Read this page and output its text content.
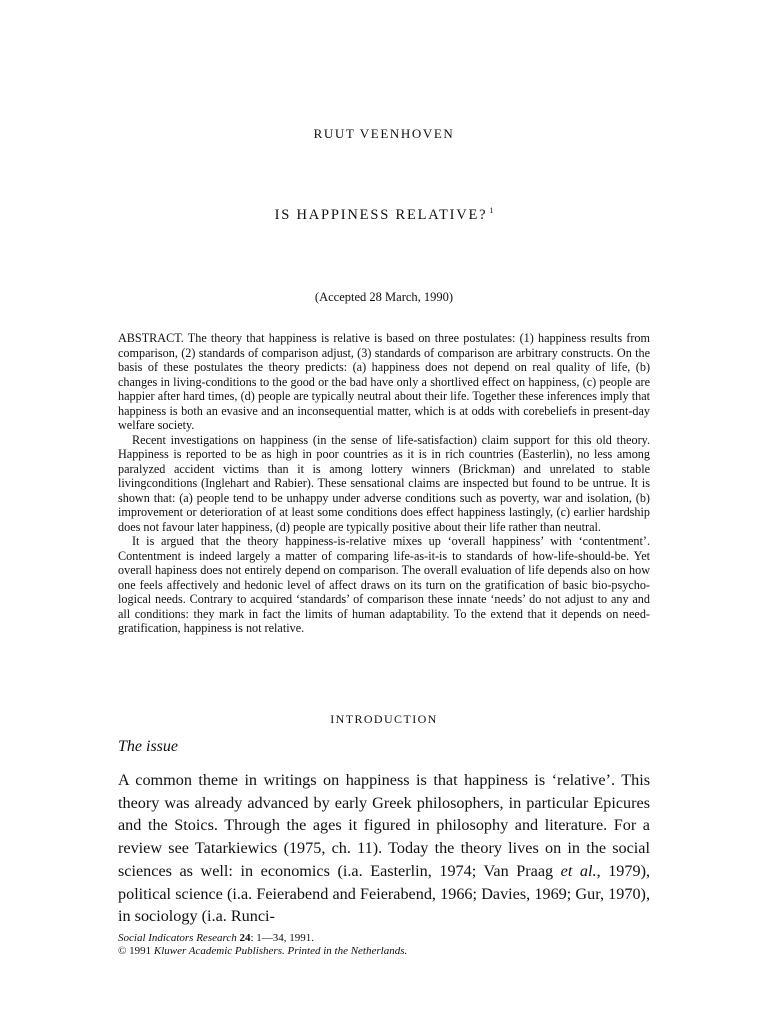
RUUT VEENHOVEN
IS HAPPINESS RELATIVE? $^1$
(Accepted 28 March, 1990)

ABSTRACT. The theory that happiness is relative is based on three postulates: (1) happiness results from comparison, (2) standards of comparison adjust, (3) standards of comparison are arbitrary constructs. On the basis of these postulates the theory predicts: (a) happiness does not depend on real quality of life, (b) changes in living-conditions to the good or the bad have only a shortlived effect on happiness, (c) people are happier after hard times, (d) people are typically neutral about their life. Together these inferences imply that happiness is both an evasive and an inconsequential matter, which is at odds with corebeliefs in present-day welfare society.

Recent investigations on happiness (in the sense of life-satisfaction) claim support for this old theory. Happiness is reported to be as high in poor countries as it is in rich countries (Easterlin), no less among paralyzed accident victims than it is among lottery winners (Brickman) and unrelated to stable livingconditions (Inglehart and Rabier). These sensational claims are inspected but found to be untrue. It is shown that: (a) people tend to be unhappy under adverse conditions such as poverty, war and isolation, (b) improvement or deterioration of at least some conditions does effect happiness lastingly, (c) earlier hardship does not favour later happiness, (d) people are typically positive about their life rather than neutral.

It is argued that the theory happiness-is-relative mixes up ‘overall happiness’ with ‘contentment’. Contentment is indeed largely a matter of comparing life-as-it-is to standards of how-life-should-be. Yet overall hapiness does not entirely depend on comparison. The overall evaluation of life depends also on how one feels affectively and hedonic level of affect draws on its turn on the gratification of basic bio-psycho-logical needs. Contrary to acquired ‘standards’ of comparison these innate ‘needs’ do not adjust to any and all conditions: they mark in fact the limits of human adaptability. To the extend that it depends on need-gratification, happiness is not relative.

INTRODUCTION
The issue

A common theme in writings on happiness is that happiness is ‘relative’. This theory was already advanced by early Greek philosophers, in particular Epicures and the Stoics. Through the ages it figured in philosophy and literature. For a review see Tatarkiewics (1975, ch. 11). Today the theory lives on in the social sciences as well: in economics (i.a. Easterlin, 1974; Van Praag et al., 1979), political science (i.a. Feierabend and Feierabend, 1966; Davies, 1969; Gur, 1970), in sociology (i.a. Runci-

Social Indicators Research 24: 1—34, 1991.
© 1991 Kluwer Academic Publishers. Printed in the Netherlands.
